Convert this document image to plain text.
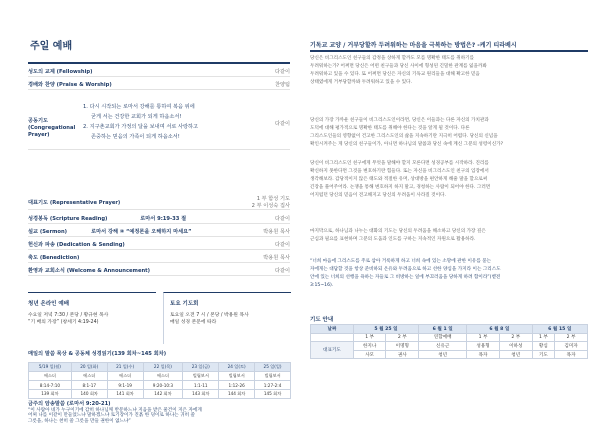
주일 예배
성도의 교제 (Fellowship)	다같이
경배와 찬양 (Praise & Worship)	찬양팀
공동기도
(Congregational
Prayer)
1. 다시 시작되는 로마서 강해를 통하여 복음 위에
굳게 서는 건강한 교회가 되게 하옵소서!
2. 지구촌교회가 가정의 달을 보내며 서로 사랑하고
존중하는 믿음의 가족이 되게 하옵소서!
다같이
대표기도 (Representative Prayer)
1 부 함성 기도
2 부 이성숙 집사
성경봉독 (Scripture Reading)	로마서 9:19-33 절	다같이
설교 (Sermon)	로마서 강해 ⑩ “예정론을 오해하지 마세요”	박용원 목사
헌신과 파송 (Dedication & Sending)	다같이
축도 (Benediction)	박용원 목사
환영과 교회소식 (Welcome & Announcement)	다같이
청년 온라인 예배
수요일 저녁 7:30 / 본당 / 황규현 목사
“기 배의 가장” (창세기 4:19-24)
토요 기도회
토요일 오전 7 시 / 본당 / 박용원 목사
매일 성경 본문에 따라
매일의 말씀 묵상 & 공동체 성경읽기(139 회차~145 회차)
5/19 일(월)	20 일(화)	21 일(수)	22 일(목)	23 일(금)	24 일(토)	25 일(일)
에스더	에스더	에스더	에스더	빌립보서	빌립보서	빌립보서
8:14-7:10	8:1-17	9:1-19	9:20-10:3	1:1-11	1:12-26	1:27-2:4
139 회차	140 회차	141 회차	142 회차	143 회차	144 회차	145 회차
금주의 암송말씀 (로마서 9:20-21)
“이 사람아 네가 누구이기에 감히 하나님께 반문하느냐 지음을 받은 물건이 지은 자에게
어찌 나를 이같이 만들었느냐 말하겠느냐 토기장이가 진흙 한 덩이로 하나는 귀히 쓸
그릇을, 하나는 천히 쓸 그릇을 만들 권한이 없느냐”
기독교 교양 / 거부당할까 두려워하는 마음을 극복하는 방법은? -케기 티라베시
당신은 비그리스도인 친구들의 감정을 상하게 할까도 모를 명확한 태도를 취하기를
두려워하는가? 어쩌면 당신은 어떤 친구들과 당신 사이에 형성된 긴밀한 관계를 잃을까봐
두려워하고 있을 수 있다. 또 어쩌면 당신은 자신의 기독교 원리들을 대해 확고한 믿음
상태였에게 거부당할까봐 두려워하고 있을 수 있다.
당신의 가장 가까운 친구들이 비그리스도인이라면, 당신은 이들과는 다른 자신의 가치관과
도덕에 대해 평가적으로 명확한 태도를 취해야 한다는 것을 알게 될 것이다. 다른
그리스도인들의 영향없이 건고한 그리스도인의 삶을 지속하기란 지극히 어렵다. 당신의 신념을
확인시켜주는 게 당신의 친구들이가, 아니면 하나님의 말씀과 당신 속에 계신 그분의 성령이신가?
당신이 비그리스도인 친구에게 무엇을 말해야 할지 모른다면 성경공부를 시작하라. 진리를
확신하지 못한다면 그것을 변호하기란 힘들다. 또는 자신을 비그리스도인 친구의 입장에서
생각해보라. 감당적이지 않은 태도와 적절한 유머, 상대방을 편안하게 해줄 말을 할으로써
긴장을 풀어주어라. 논쟁을 통해 변호하지 하지 말고, 경청하는 사람이 되어야 한다. 그러면
어지럽던 당신의 믿음이 견고해지고 당신의 두려움이 사라질 것이다.
마지막으로, 하나님과 나누는 대화의 기도는 당신의 두려움을 해소하고 당신의 가장 깊은
근심과 필요를 표현하며 그분의 도움과 인도를 구하는 지속적인 자원으로 활용하라.
“너희 마음에 그리스도를 주로 삼아 거룩하게 하고 너희 속에 있는 소망에 관한 이유를 묻는
자에게는 대답할 것을 항상 준비하되 온유와 두려움으로 하고 선한 양심을 가지라 이는 그리스도
안에 있는 너희의 선행을 욕하는 자들로 그 비방하는 일에 부끄러움을 당하게 하려 함이라”(벧전
3:15~16).
기도 안내
날짜	5 월 25 일		6 월 1 일	6 월 8 일		6 월 15 일	
	1 부	2 부	연합예배	1 부	2 부	1 부	2 부
대표기도	한지나	이명형	신유근	성용형	이하성	황심	김미자
	사모	권사	청년	목자	청년	기도	목자
